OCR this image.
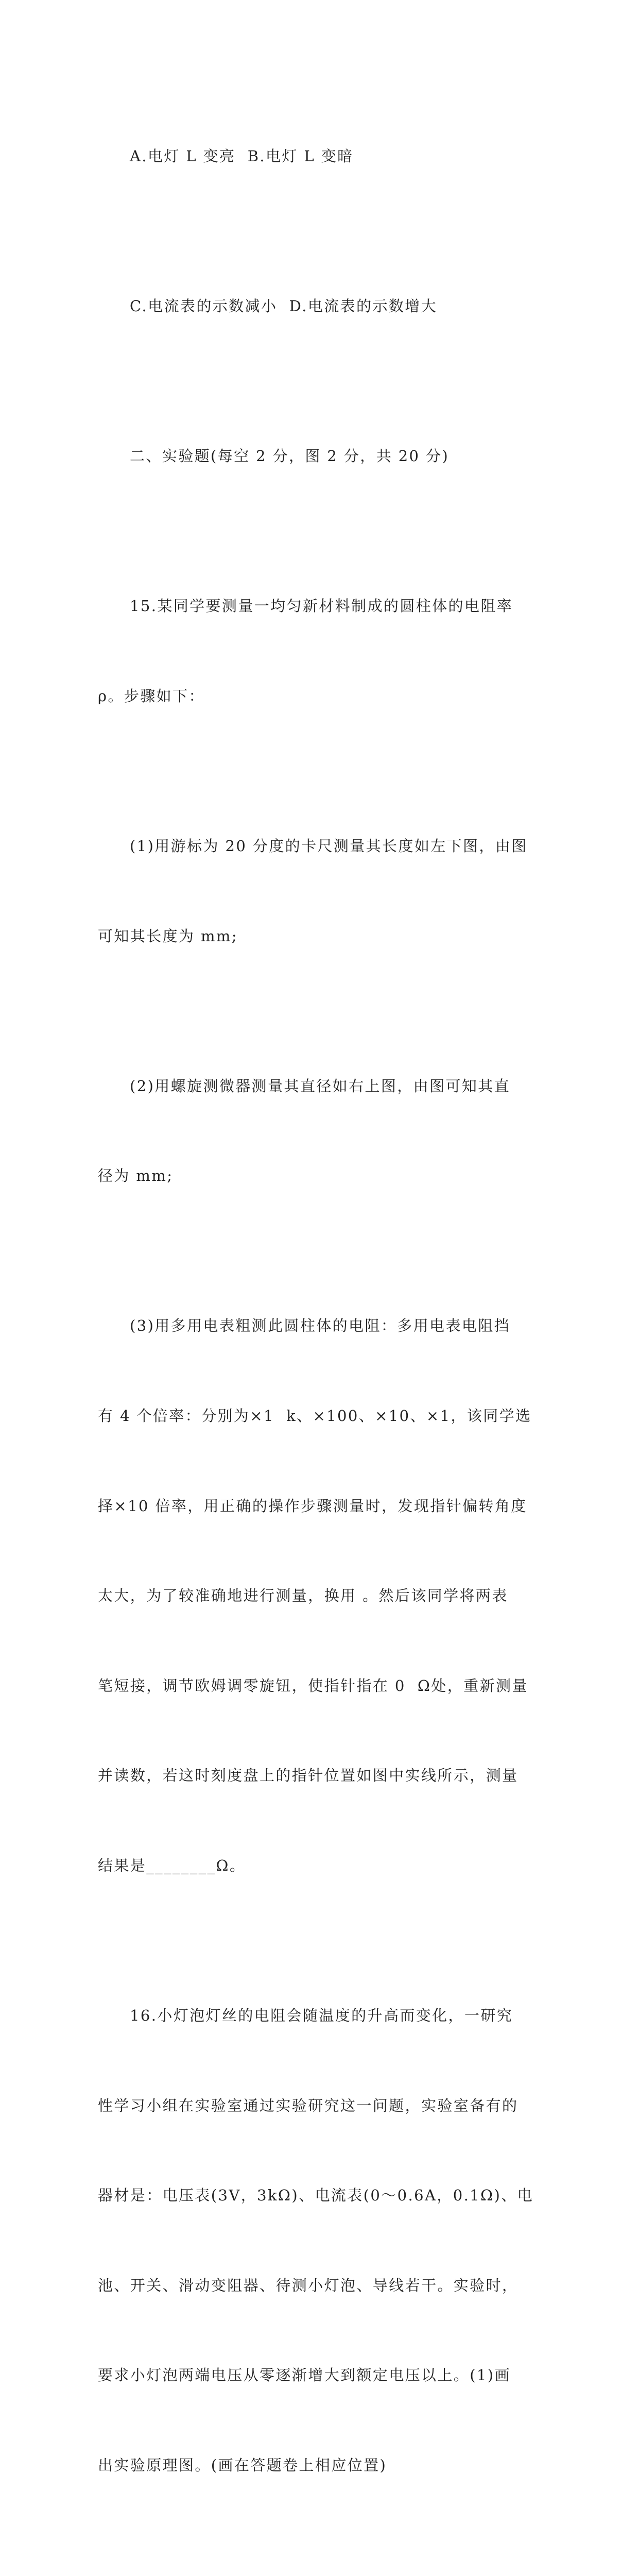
A.电灯 L 变亮  B.电灯 L 变暗

C.电流表的示数减小  D.电流表的示数增大

二、实验题(每空 2 分，图 2 分，共 20 分)

15.某同学要测量一均匀新材料制成的圆柱体的电阻率

ρ。步骤如下：

(1)用游标为 20 分度的卡尺测量其长度如左下图，由图

可知其长度为 mm;

(2)用螺旋测微器测量其直径如右上图，由图可知其直

径为 mm;

(3)用多用电表粗测此圆柱体的电阻：多用电表电阻挡

有 4 个倍率：分别为×1  k、×100、×10、×1，该同学选

择×10 倍率，用正确的操作步骤测量时，发现指针偏转角度

太大，为了较准确地进行测量，换用 。然后该同学将两表

笔短接，调节欧姆调零旋钮，使指针指在 0  Ω处，重新测量

并读数，若这时刻度盘上的指针位置如图中实线所示，测量

结果是________Ω。

16.小灯泡灯丝的电阻会随温度的升高而变化，一研究

性学习小组在实验室通过实验研究这一问题，实验室备有的

器材是：电压表(3V，3kΩ)、电流表(0～0.6A，0.1Ω)、电

池、开关、滑动变阻器、待测小灯泡、导线若干。实验时，

要求小灯泡两端电压从零逐渐增大到额定电压以上。(1)画

出实验原理图。(画在答题卷上相应位置)
